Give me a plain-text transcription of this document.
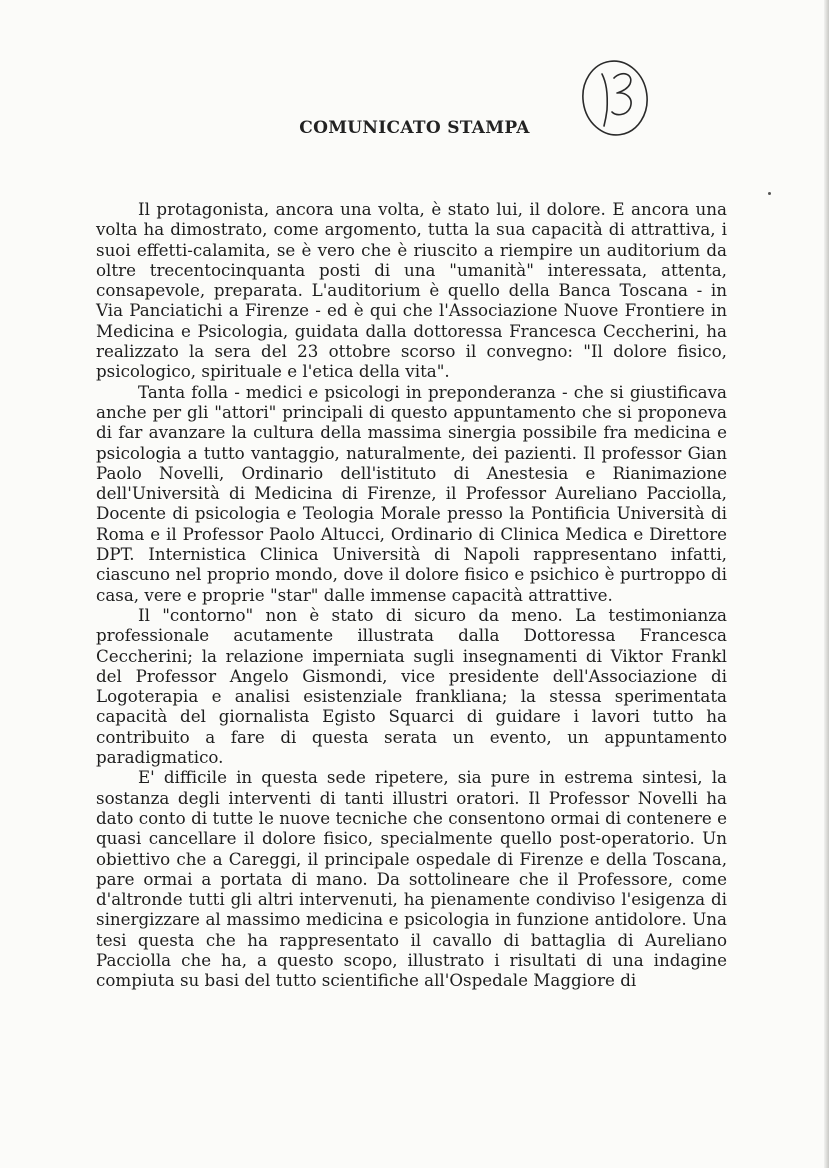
COMUNICATO STAMPA

Il protagonista, ancora una volta, è stato lui, il dolore. E ancora una volta ha dimostrato, come argomento, tutta la sua capacità di attrattiva, i suoi effetti-calamita, se è vero che è riuscito a riempire un auditorium da oltre trecentocinquanta posti di una "umanità" interessata, attenta, consapevole, preparata. L'auditorium è quello della Banca Toscana - in Via Panciatichi a Firenze - ed è qui che l'Associazione Nuove Frontiere in Medicina e Psicologia, guidata dalla dottoressa Francesca Ceccherini, ha realizzato la sera del 23 ottobre scorso il convegno: "Il dolore fisico, psicologico, spirituale e l'etica della vita".

Tanta folla - medici e psicologi in preponderanza - che si giustificava anche per gli "attori" principali di questo appuntamento che si proponeva di far avanzare la cultura della massima sinergia possibile fra medicina e psicologia a tutto vantaggio, naturalmente, dei pazienti. Il professor Gian Paolo Novelli, Ordinario dell'istituto di Anestesia e Rianimazione dell'Università di Medicina di Firenze, il Professor Aureliano Pacciolla, Docente di psicologia e Teologia Morale presso la Pontificia Università di Roma e il Professor Paolo Altucci, Ordinario di Clinica Medica e Direttore DPT. Internistica Clinica Università di Napoli rappresentano infatti, ciascuno nel proprio mondo, dove il dolore fisico e psichico è purtroppo di casa, vere e proprie "star" dalle immense capacità attrattive.

Il "contorno" non è stato di sicuro da meno. La testimonianza professionale acutamente illustrata dalla Dottoressa Francesca Ceccherini; la relazione imperniata sugli insegnamenti di Viktor Frankl del Professor Angelo Gismondi, vice presidente dell'Associazione di Logoterapia e analisi esistenziale frankliana; la stessa sperimentata capacità del giornalista Egisto Squarci di guidare i lavori tutto ha contribuito a fare di questa serata un evento, un appuntamento paradigmatico.

E' difficile in questa sede ripetere, sia pure in estrema sintesi, la sostanza degli interventi di tanti illustri oratori. Il Professor Novelli ha dato conto di tutte le nuove tecniche che consentono ormai di contenere e quasi cancellare il dolore fisico, specialmente quello post-operatorio. Un obiettivo che a Careggi, il principale ospedale di Firenze e della Toscana, pare ormai a portata di mano. Da sottolineare che il Professore, come d'altronde tutti gli altri intervenuti, ha pienamente condiviso l'esigenza di sinergizzare al massimo medicina e psicologia in funzione antidolore. Una tesi questa che ha rappresentato il cavallo di battaglia di Aureliano Pacciolla che ha, a questo scopo, illustrato i risultati di una indagine compiuta su basi del tutto scientifiche all'Ospedale Maggiore di
